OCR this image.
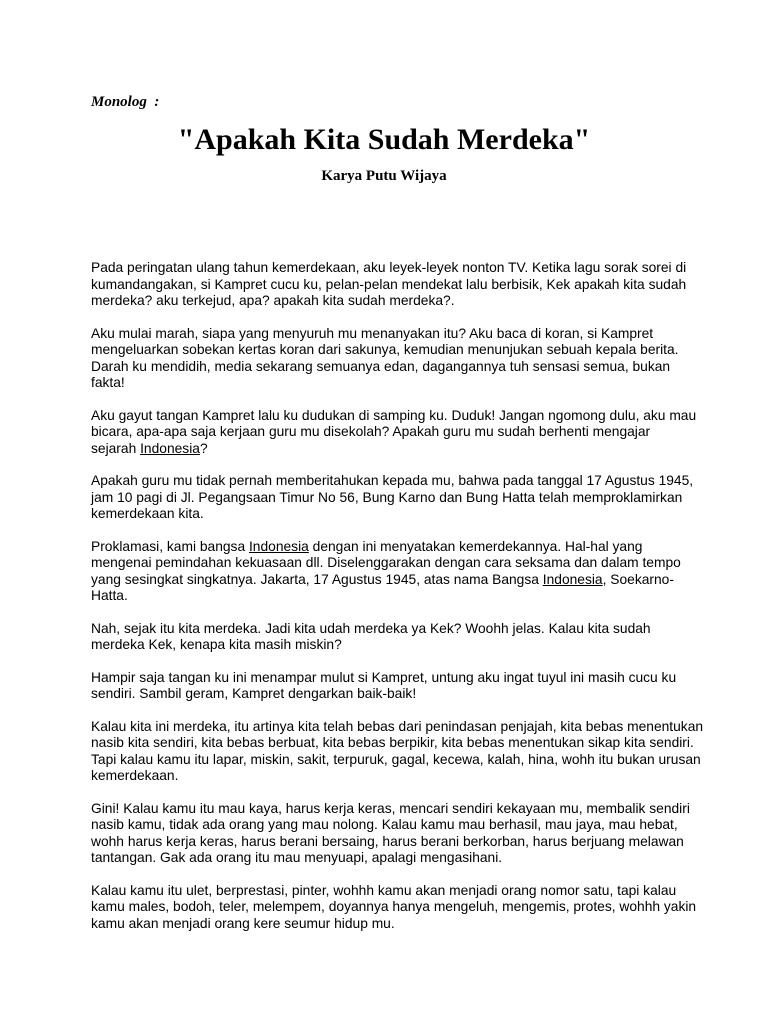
Monolog  :
"Apakah Kita Sudah Merdeka"
Karya Putu Wijaya
Pada peringatan ulang tahun kemerdekaan, aku leyek-leyek nonton TV. Ketika lagu sorak sorei di
kumandangakan, si Kampret cucu ku, pelan-pelan mendekat lalu berbisik, Kek apakah kita sudah
merdeka? aku terkejud, apa? apakah kita sudah merdeka?.
Aku mulai marah, siapa yang menyuruh mu menanyakan itu? Aku baca di koran, si Kampret
mengeluarkan sobekan kertas koran dari sakunya, kemudian menunjukan sebuah kepala berita.
Darah ku mendidih, media sekarang semuanya edan, dagangannya tuh sensasi semua, bukan
fakta!
Aku gayut tangan Kampret lalu ku dudukan di samping ku. Duduk! Jangan ngomong dulu, aku mau
bicara, apa-apa saja kerjaan guru mu disekolah? Apakah guru mu sudah berhenti mengajar
sejarah Indonesia?
Apakah guru mu tidak pernah memberitahukan kepada mu, bahwa pada tanggal 17 Agustus 1945,
jam 10 pagi di Jl. Pegangsaan Timur No 56, Bung Karno dan Bung Hatta telah memproklamirkan
kemerdekaan kita.
Proklamasi, kami bangsa Indonesia dengan ini menyatakan kemerdekannya. Hal-hal yang
mengenai pemindahan kekuasaan dll. Diselenggarakan dengan cara seksama dan dalam tempo
yang sesingkat singkatnya. Jakarta, 17 Agustus 1945, atas nama Bangsa Indonesia, Soekarno-
Hatta.
Nah, sejak itu kita merdeka. Jadi kita udah merdeka ya Kek? Woohh jelas. Kalau kita sudah
merdeka Kek, kenapa kita masih miskin?
Hampir saja tangan ku ini menampar mulut si Kampret, untung aku ingat tuyul ini masih cucu ku
sendiri. Sambil geram, Kampret dengarkan baik-baik!
Kalau kita ini merdeka, itu artinya kita telah bebas dari penindasan penjajah, kita bebas menentukan
nasib kita sendiri, kita bebas berbuat, kita bebas berpikir, kita bebas menentukan sikap kita sendiri.
Tapi kalau kamu itu lapar, miskin, sakit, terpuruk, gagal, kecewa, kalah, hina, wohh itu bukan urusan
kemerdekaan.
Gini! Kalau kamu itu mau kaya, harus kerja keras, mencari sendiri kekayaan mu, membalik sendiri
nasib kamu, tidak ada orang yang mau nolong. Kalau kamu mau berhasil, mau jaya, mau hebat,
wohh harus kerja keras, harus berani bersaing, harus berani berkorban, harus berjuang melawan
tantangan. Gak ada orang itu mau menyuapi, apalagi mengasihani.
Kalau kamu itu ulet, berprestasi, pinter, wohhh kamu akan menjadi orang nomor satu, tapi kalau
kamu males, bodoh, teler, melempem, doyannya hanya mengeluh, mengemis, protes, wohhh yakin
kamu akan menjadi orang kere seumur hidup mu.
